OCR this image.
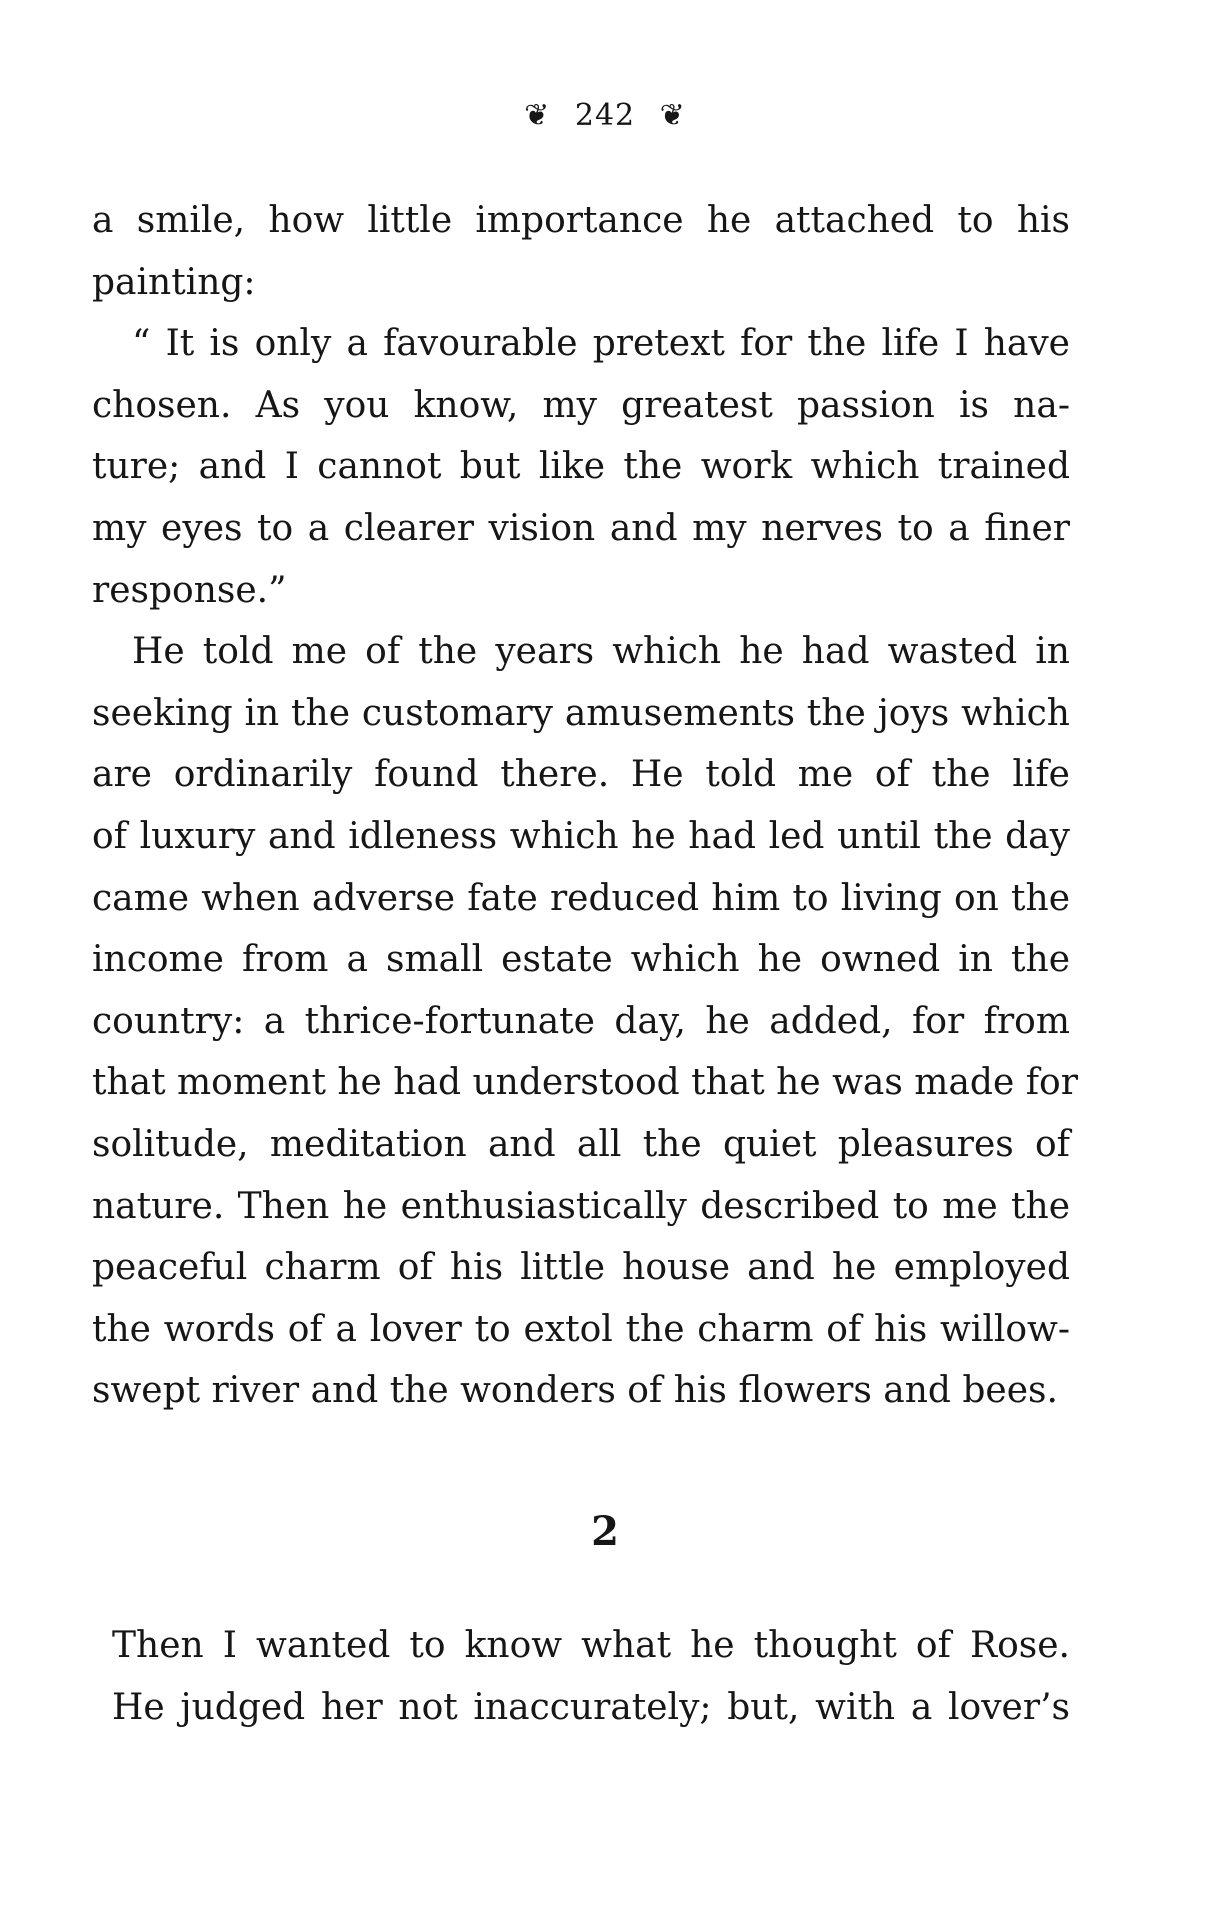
❦ 242 ❦
a smile, how little importance he attached to his
painting:
“ It is only a favourable pretext for the life I have
chosen. As you know, my greatest passion is na-
ture; and I cannot but like the work which trained
my eyes to a clearer vision and my nerves to a finer
response.”
He told me of the years which he had wasted in
seeking in the customary amusements the joys which
are ordinarily found there. He told me of the life
of luxury and idleness which he had led until the day
came when adverse fate reduced him to living on the
income from a small estate which he owned in the
country: a thrice-fortunate day, he added, for from
that moment he had understood that he was made for
solitude, meditation and all the quiet pleasures of
nature. Then he enthusiastically described to me the
peaceful charm of his little house and he employed
the words of a lover to extol the charm of his willow-
swept river and the wonders of his flowers and bees.
2
Then I wanted to know what he thought of Rose.
He judged her not inaccurately; but, with a lover’s
